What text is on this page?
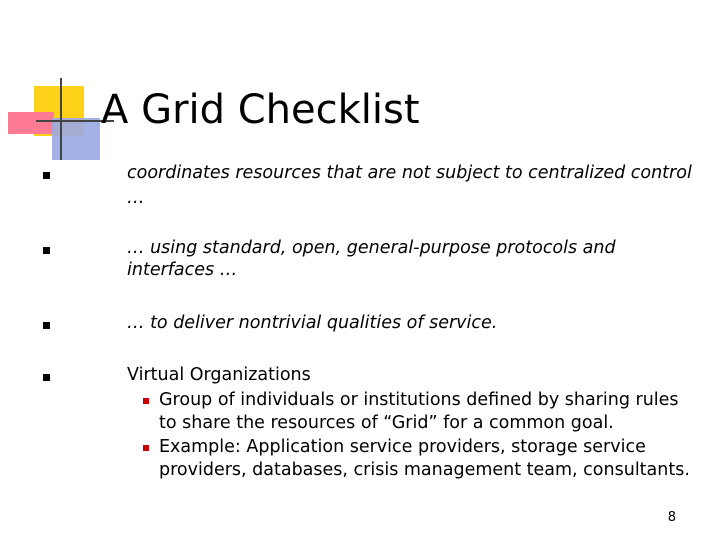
A Grid Checklist
coordinates resources that are not subject to centralized control
…
… using standard, open, general-purpose protocols and
interfaces …
… to deliver nontrivial qualities of service.
Virtual Organizations
Group of individuals or institutions defined by sharing rules
to share the resources of “Grid” for a common goal.
Example: Application service providers, storage service
providers, databases, crisis management team, consultants.
8
